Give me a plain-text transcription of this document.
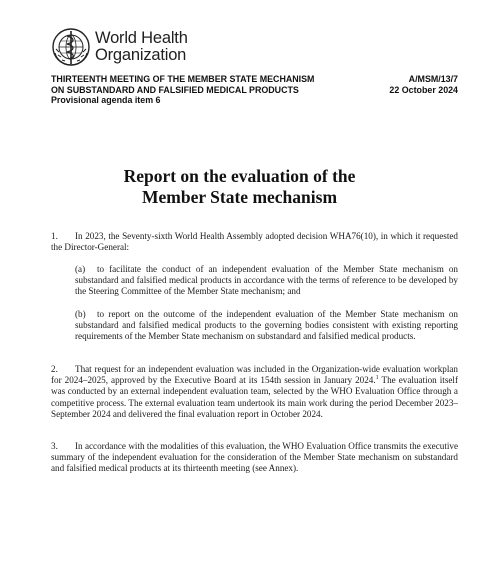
World Health
Organization
THIRTEENTH MEETING OF THE MEMBER STATE MECHANISM
ON SUBSTANDARD AND FALSIFIED MEDICAL PRODUCTS
Provisional agenda item 6
A/MSM/13/7
22 October 2024
Report on the evaluation of the
Member State mechanism
1. In 2023, the Seventy-sixth World Health Assembly adopted decision WHA76(10), in which it requested the Director-General:
(a) to facilitate the conduct of an independent evaluation of the Member State mechanism on substandard and falsified medical products in accordance with the terms of reference to be developed by the Steering Committee of the Member State mechanism; and
(b) to report on the outcome of the independent evaluation of the Member State mechanism on substandard and falsified medical products to the governing bodies consistent with existing reporting requirements of the Member State mechanism on substandard and falsified medical products.
2. That request for an independent evaluation was included in the Organization-wide evaluation workplan for 2024–2025, approved by the Executive Board at its 154th session in January 2024.$^1$ The evaluation itself was conducted by an external independent evaluation team, selected by the WHO Evaluation Office through a competitive process. The external evaluation team undertook its main work during the period December 2023–September 2024 and delivered the final evaluation report in October 2024.
3. In accordance with the modalities of this evaluation, the WHO Evaluation Office transmits the executive summary of the independent evaluation for the consideration of the Member State mechanism on substandard and falsified medical products at its thirteenth meeting (see Annex).
